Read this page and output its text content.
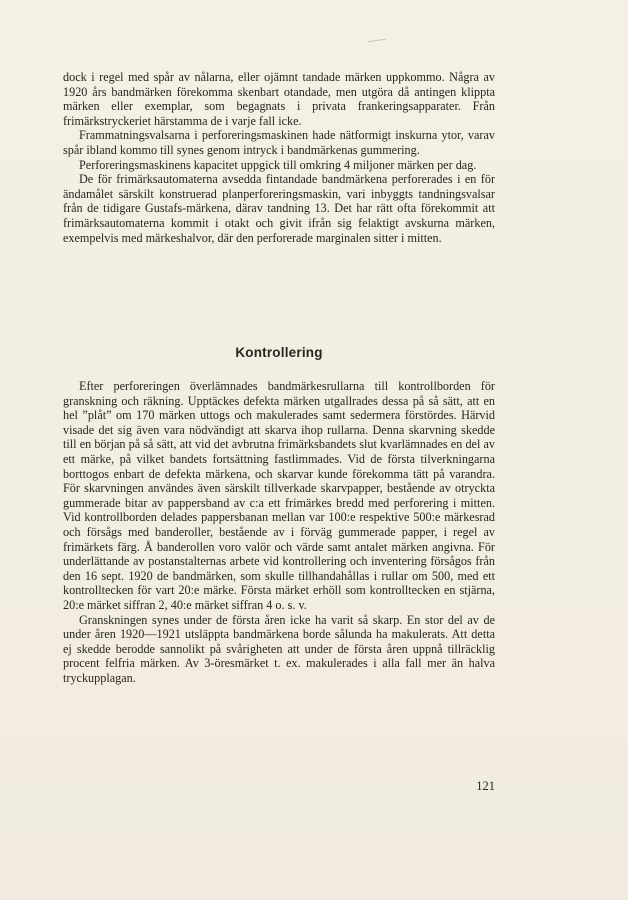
dock i regel med spår av nålarna, eller ojämnt tandade märken uppkommo. Några av 1920 års bandmärken förekomma skenbart otandade, men utgöra då antingen klippta märken eller exemplar, som begagnats i privata frankeringsapparater. Från frimärkstryckeriet härstamma de i varje fall icke.

Frammatningsvalsarna i perforeringsmaskinen hade nätformigt inskurna ytor, varav spår ibland kommo till synes genom intryck i bandmärkenas gummering.

Perforeringsmaskinens kapacitet uppgick till omkring 4 miljoner märken per dag.

De för frimärksautomaterna avsedda fintandade bandmärkena perforerades i en för ändamålet särskilt konstruerad planperforeringsmaskin, vari inbyggts tandningsvalsar från de tidigare Gustafs-märkena, därav tandning 13. Det har rätt ofta förekommit att frimärksautomaterna kommit i otakt och givit ifrån sig felaktigt avskurna märken, exempelvis med märkeshalvor, där den perforerade marginalen sitter i mitten.

Kontrollering

Efter perforeringen överlämnades bandmärkesrullarna till kontrollborden för granskning och räkning. Upptäckes defekta märken utgallrades dessa på så sätt, att en hel ”plåt” om 170 märken uttogs och makulerades samt sedermera förstördes. Härvid visade det sig även vara nödvändigt att skarva ihop rullarna. Denna skarvning skedde till en början på så sätt, att vid det avbrutna frimärksbandets slut kvarlämnades en del av ett märke, på vilket bandets fortsättning fastlimmades. Vid de första tilverkningarna borttogos enbart de defekta märkena, och skarvar kunde förekomma tätt på varandra. För skarvningen användes även särskilt tillverkade skarvpapper, bestående av otryckta gummerade bitar av pappersband av c:a ett frimärkes bredd med perforering i mitten. Vid kontrollborden delades pappersbanan mellan var 100:e respektive 500:e märkesrad och försågs med banderoller, bestående av i förväg gummerade papper, i regel av frimärkets färg. Å banderollen voro valör och värde samt antalet märken angivna. För underlättande av postanstalternas arbete vid kontrollering och inventering försågos från den 16 sept. 1920 de bandmärken, som skulle tillhandahållas i rullar om 500, med ett kontrolltecken för vart 20:e märke. Första märket erhöll som kontrolltecken en stjärna, 20:e märket siffran 2, 40:e märket siffran 4 o. s. v.

Granskningen synes under de första åren icke ha varit så skarp. En stor del av de under åren 1920—1921 utsläppta bandmärkena borde sålunda ha makulerats. Att detta ej skedde berodde sannolikt på svårigheten att under de första åren uppnå tillräcklig procent felfria märken. Av 3-öresmärket t. ex. makulerades i alla fall mer än halva tryckupplagan.

121
